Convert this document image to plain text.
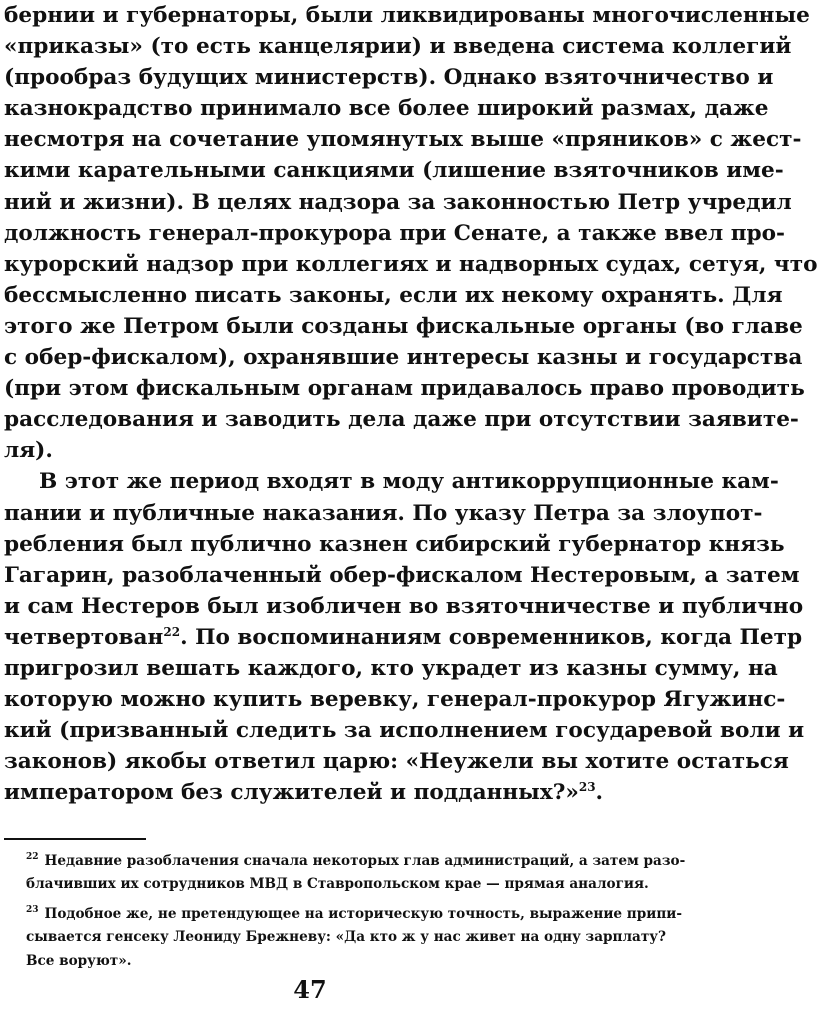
бернии и губернаторы, были ликвидированы многочисленные
«приказы» (то есть канцелярии) и введена система коллегий
(прообраз будущих министерств). Однако взяточничество и
казнокрадство принимало все более широкий размах, даже
несмотря на сочетание упомянутых выше «пряников» с жест-
кими карательными санкциями (лишение взяточников име-
ний и жизни). В целях надзора за законностью Петр учредил
должность генерал-прокурора при Сенате, а также ввел про-
курорский надзор при коллегиях и надворных судах, сетуя, что
бессмысленно писать законы, если их некому охранять. Для
этого же Петром были созданы фискальные органы (во главе
с обер-фискалом), охранявшие интересы казны и государства
(при этом фискальным органам придавалось право проводить
расследования и заводить дела даже при отсутствии заявите-
ля).
В этот же период входят в моду антикоррупционные кам-
пании и публичные наказания. По указу Петра за злоупот-
ребления был публично казнен сибирский губернатор князь
Гагарин, разоблаченный обер-фискалом Нестеровым, а затем
и сам Нестеров был изобличен во взяточничестве и публично
четвертован$^{22}$. По воспоминаниям современников, когда Петр
пригрозил вешать каждого, кто украдет из казны сумму, на
которую можно купить веревку, генерал-прокурор Ягужинс-
кий (призванный следить за исполнением государевой воли и
законов) якобы ответил царю: «Неужели вы хотите остаться
императором без служителей и подданных?»$^{23}$.
$^{22}$ Недавние разоблачения сначала некоторых глав администраций, а затем разо-
блачивших их сотрудников МВД в Ставропольском крае — прямая аналогия.
$^{23}$ Подобное же, не претендующее на историческую точность, выражение припи-
сывается генсеку Леониду Брежневу: «Да кто ж у нас живет на одну зарплату?
Все воруют».
47
